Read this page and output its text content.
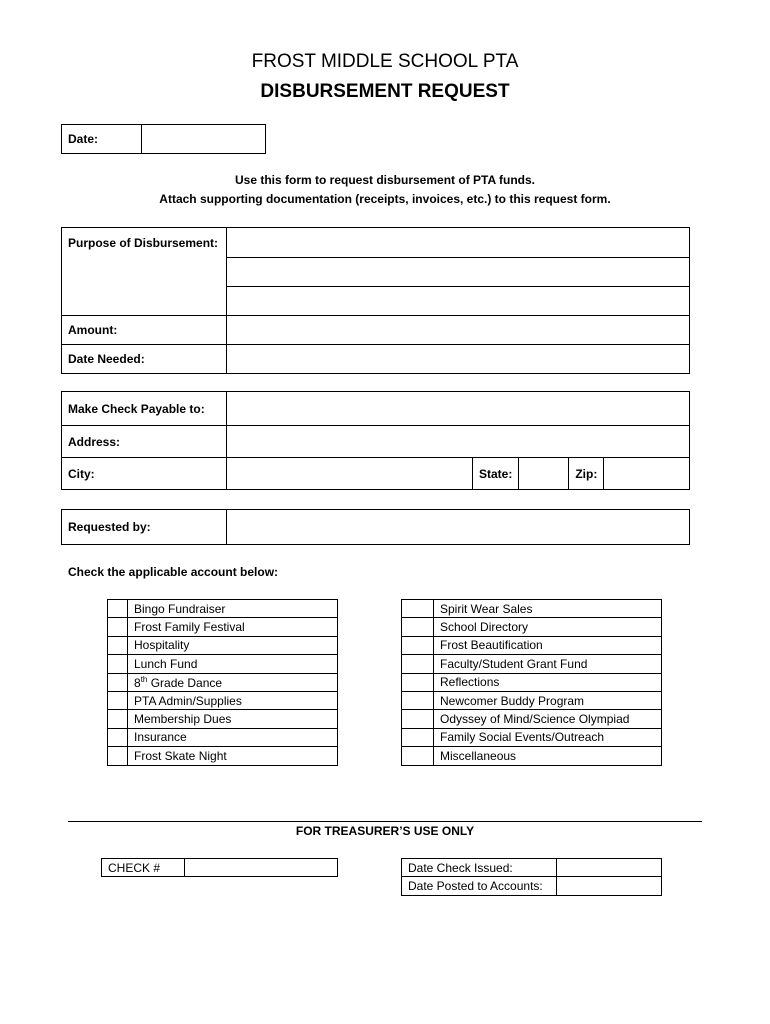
FROST MIDDLE SCHOOL PTA
DISBURSEMENT REQUEST
Date:	
Use this form to request disbursement of PTA funds.
Attach supporting documentation (receipts, invoices, etc.) to this request form.
Purpose of Disbursement:	

Amount:	
Date Needed:	
Make Check Payable to:					
Address:					
City:		State:		Zip:	
Requested by:	
Check the applicable account below:
	Bingo Fundraiser
	Frost Family Festival
	Hospitality
	Lunch Fund
	8th Grade Dance
	PTA Admin/Supplies
	Membership Dues
	Insurance
	Frost Skate Night
	Spirit Wear Sales
	School Directory
	Frost Beautification
	Faculty/Student Grant Fund
	Reflections
	Newcomer Buddy Program
	Odyssey of Mind/Science Olympiad
	Family Social Events/Outreach
	Miscellaneous
FOR TREASURER’S USE ONLY
CHECK #		Date Check Issued:	
Date Posted to Accounts:	
